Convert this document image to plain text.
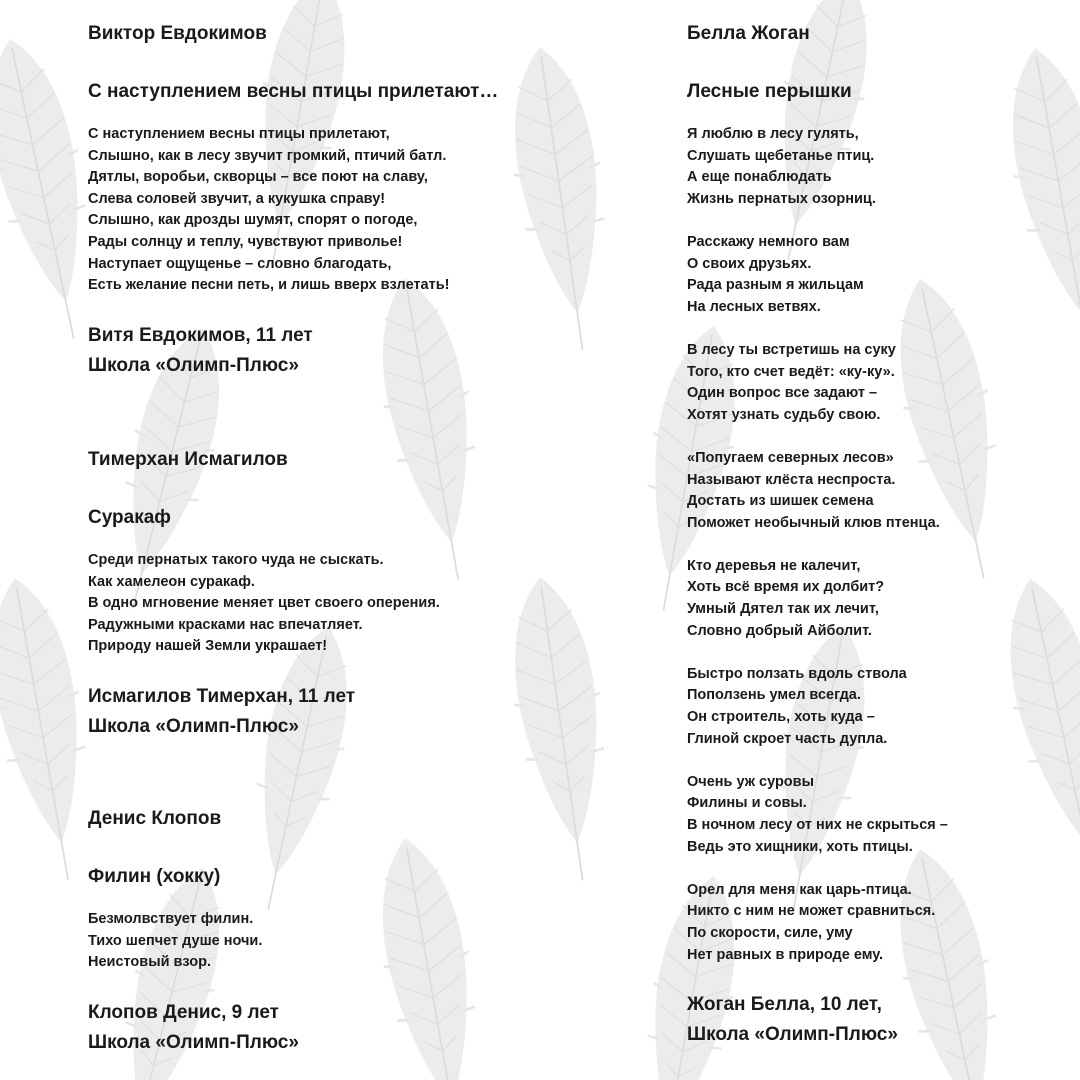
Виктор Евдокимов
С наступлением весны птицы прилетают…
С наступлением весны птицы прилетают,
Слышно, как в лесу звучит громкий, птичий батл.
Дятлы, воробьи, скворцы – все поют на славу,
Слева соловей звучит, а кукушка справу!
Слышно, как дрозды шумят, спорят о погоде,
Рады солнцу и теплу, чувствуют приволье!
Наступает ощущенье – словно благодать,
Есть желание песни петь, и лишь вверх взлетать!
Витя Евдокимов, 11 лет
Школа «Олимп-Плюс»
Тимерхан Исмагилов
Суракаф
Среди пернатых такого чуда не сыскать.
Как хамелеон суракаф.
В одно мгновение меняет цвет своего оперения.
Радужными красками нас впечатляет.
Природу нашей Земли украшает!
Исмагилов Тимерхан, 11 лет
Школа «Олимп-Плюс»
Денис Клопов
Филин (хокку)
Безмолвствует филин.
Тихо шепчет душе ночи.
Неистовый взор.
Клопов Денис, 9 лет
Школа «Олимп-Плюс»
Белла Жоган
Лесные перышки
Я люблю в лесу гулять,
Слушать щебетанье птиц.
А еще понаблюдать
Жизнь пернатых озорниц.
Расскажу немного вам
О своих друзьях.
Рада разным я жильцам
На лесных ветвях.
В лесу ты встретишь на суку
Того, кто счет ведёт: «ку-ку».
Один вопрос все задают –
Хотят узнать судьбу свою.
«Попугаем северных лесов»
Называют клёста неспроста.
Достать из шишек семена
Поможет необычный клюв птенца.
Кто деревья не калечит,
Хоть всё время их долбит?
Умный Дятел так их лечит,
Словно добрый Айболит.
Быстро ползать вдоль ствола
Поползень умел всегда.
Он строитель, хоть куда –
Глиной скроет часть дупла.
Очень уж суровы
Филины и совы.
В ночном лесу от них не скрыться –
Ведь это хищники, хоть птицы.
Орел для меня как царь-птица.
Никто с ним не может сравниться.
По скорости, силе, уму
Нет равных в природе ему.
Жоган Белла, 10 лет,
Школа «Олимп-Плюс»
